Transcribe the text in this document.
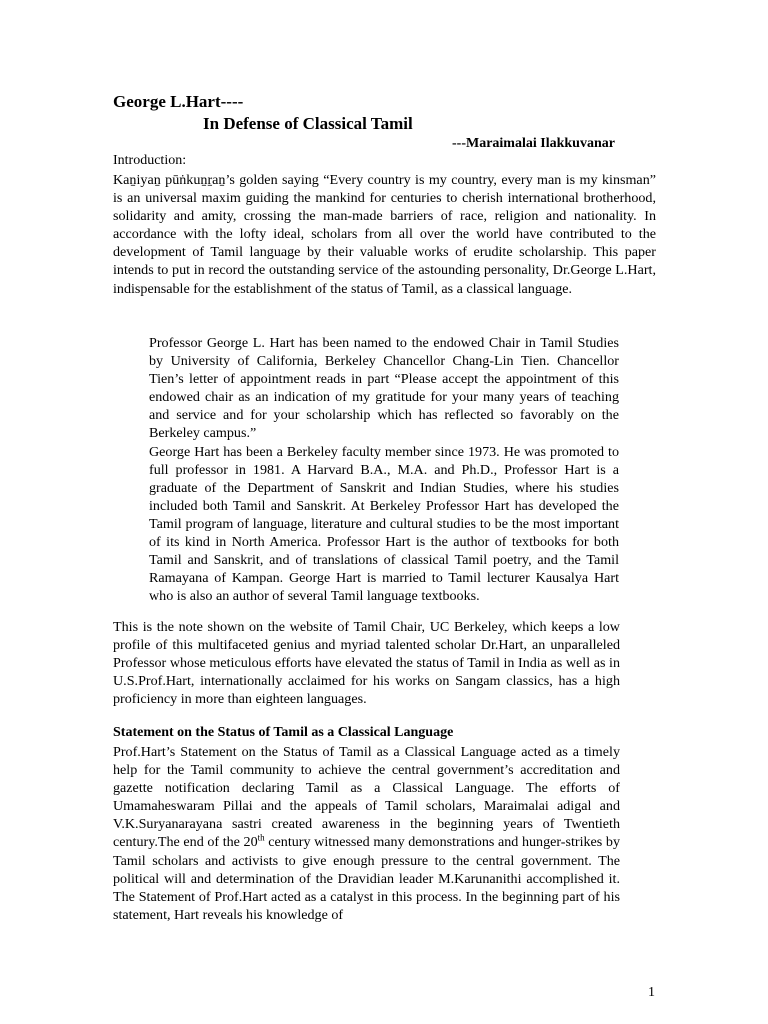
George L.Hart----
In Defense of Classical Tamil
---Maraimalai Ilakkuvanar
Introduction:

Kaṉiyaṉ pūṅkuṉṟaṉ’s golden saying “Every country is my country, every man is my kinsman” is an universal maxim guiding the mankind for centuries to cherish international brotherhood, solidarity and amity, crossing the man-made barriers of race, religion and nationality. In accordance with the lofty ideal, scholars from all over the world have contributed to the development of Tamil language by their valuable works of erudite scholarship. This paper intends to put in record the outstanding service of the astounding personality, Dr.George L.Hart, indispensable for the establishment of the status of Tamil, as a classical language.

Professor George L. Hart has been named to the endowed Chair in Tamil Studies by University of California, Berkeley Chancellor Chang-Lin Tien. Chancellor Tien’s letter of appointment reads in part “Please accept the appointment of this endowed chair as an indication of my gratitude for your many years of teaching and service and for your scholarship which has reflected so favorably on the Berkeley campus.”
George Hart has been a Berkeley faculty member since 1973. He was promoted to full professor in 1981. A Harvard B.A., M.A. and Ph.D., Professor Hart is a graduate of the Department of Sanskrit and Indian Studies, where his studies included both Tamil and Sanskrit. At Berkeley Professor Hart has developed the Tamil program of language, literature and cultural studies to be the most important of its kind in North America. Professor Hart is the author of textbooks for both Tamil and Sanskrit, and of translations of classical Tamil poetry, and the Tamil Ramayana of Kampan. George Hart is married to Tamil lecturer Kausalya Hart who is also an author of several Tamil language textbooks.

This is the note shown on the website of Tamil Chair, UC Berkeley, which keeps a low profile of this multifaceted genius and myriad talented scholar Dr.Hart, an unparalleled Professor whose meticulous efforts have elevated the status of Tamil in India as well as in U.S.Prof.Hart, internationally acclaimed for his works on Sangam classics, has a high proficiency in more than eighteen languages.

Statement on the Status of Tamil as a Classical Language

Prof.Hart’s Statement on the Status of Tamil as a Classical Language acted as a timely help for the Tamil community to achieve the central government’s accreditation and gazette notification declaring Tamil as a Classical Language. The efforts of Umamaheswaram Pillai and the appeals of Tamil scholars, Maraimalai adigal and V.K.Suryanarayana sastri created awareness in the beginning years of Twentieth century.The end of the 20th century witnessed many demonstrations and hunger-strikes by Tamil scholars and activists to give enough pressure to the central government. The political will and determination of the Dravidian leader M.Karunanithi accomplished it. The Statement of Prof.Hart acted as a catalyst in this process. In the beginning part of his statement, Hart reveals his knowledge of

1
